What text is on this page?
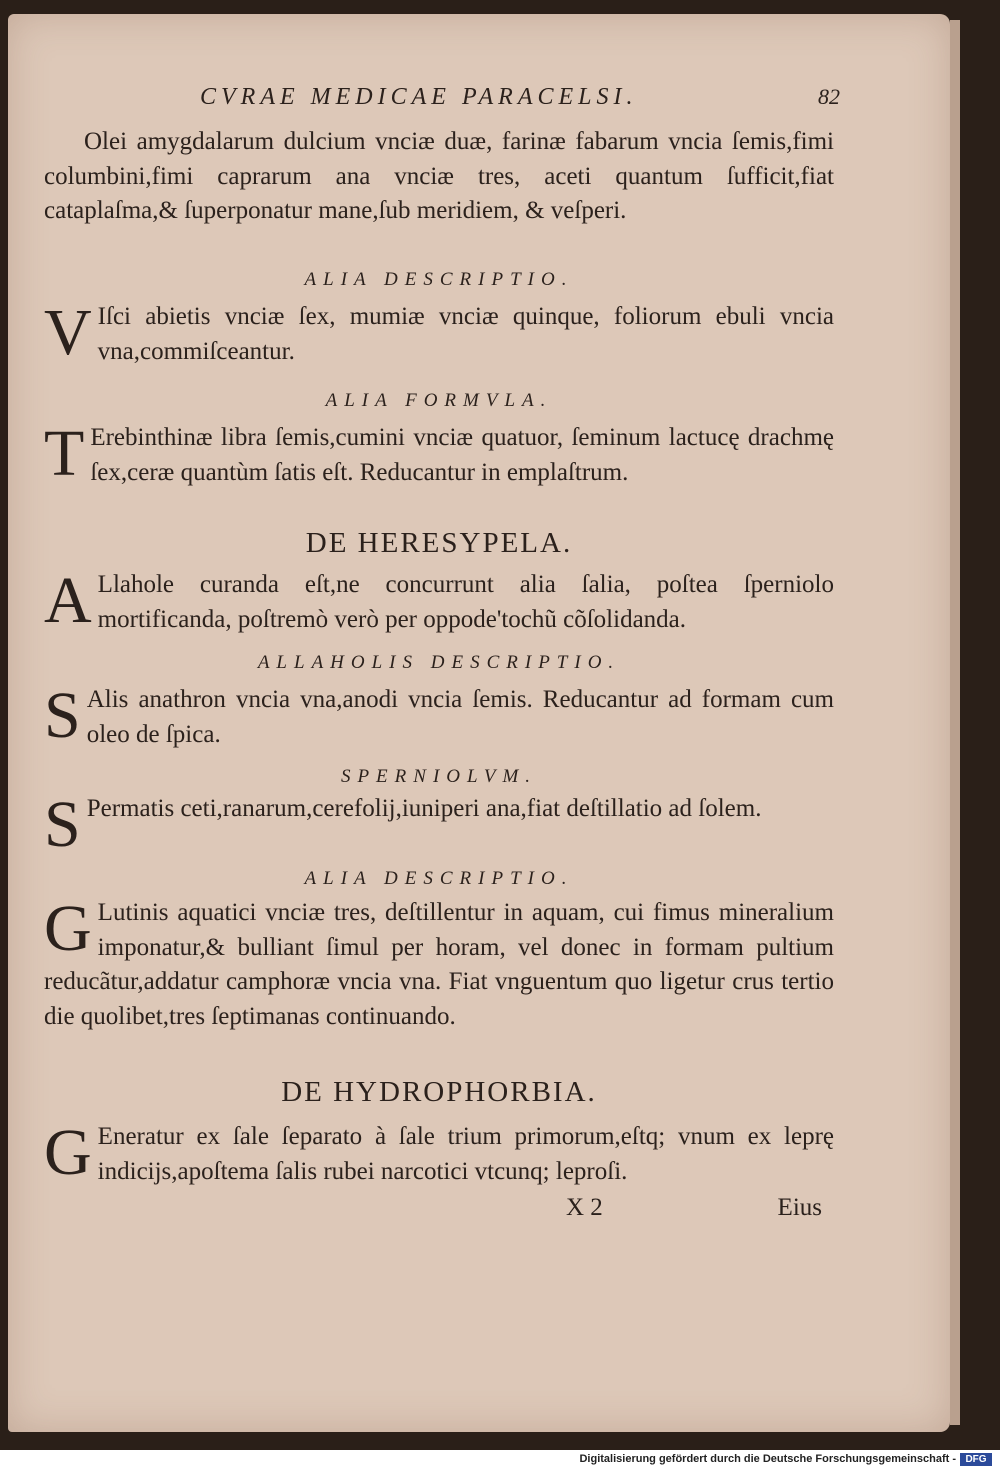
CVRAE MEDICAE PARACELSI.	82

Olei amygdalarum dulcium vnciæ duæ, farinæ fabarum vncia ſemis,fimi columbini,fimi caprarum ana vnciæ tres, aceti quantum ſufficit,fiat cataplaſma,& ſuperponatur mane,ſub meridiem, & veſperi.

ALIA DESCRIPTIO.

V Iſci abietis vnciæ ſex, mumiæ vnciæ quinque, foliorum ebuli vncia vna,commiſceantur.

ALIA FORMVLA.

T Erebinthinæ libra ſemis,cumini vnciæ quatuor, ſeminum lactucę drachmę ſex,ceræ quantùm ſatis eſt. Reducantur in emplaſtrum.

DE HERESYPELA.

A Llahole curanda eſt,ne concurrunt alia ſalia, poſtea ſperniolo mortificanda, poſtremò verò per oppode'tochũ cõſolidanda.

ALLAHOLIS DESCRIPTIO.

S Alis anathron vncia vna,anodi vncia ſemis. Reducantur ad formam cum oleo de ſpica.

SPERNIOLVM.

S Permatis ceti,ranarum,cerefolij,iuniperi ana,fiat deſtillatio ad ſolem.

ALIA DESCRIPTIO.

G Lutinis aquatici vnciæ tres, deſtillentur in aquam, cui fimus mineralium imponatur,& bulliant ſimul per horam, vel donec in formam pultium reducãtur,addatur camphoræ vncia vna. Fiat vnguentum quo ligetur crus tertio die quolibet,tres ſeptimanas continuando.

DE HYDROPHORBIA.

G Eneratur ex ſale ſeparato à ſale trium primorum,eſtq; vnum ex leprę indicijs,apoſtema ſalis rubei narcotici vtcunq; leproſi.

X 2	Eius
Digitalisierung gefördert durch die Deutsche Forschungsgemeinschaft - DFG
